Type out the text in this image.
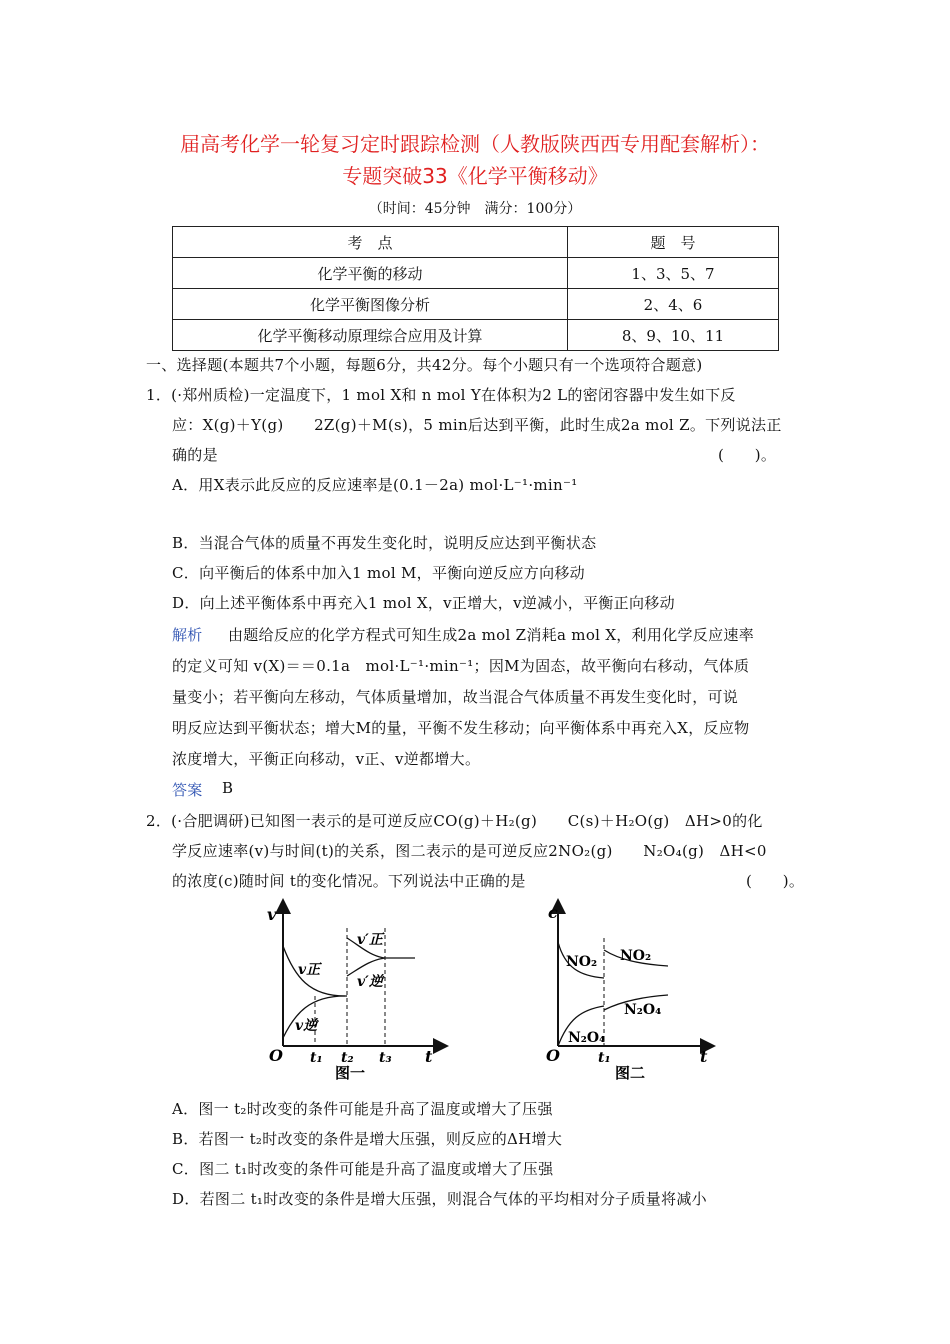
届高考化学一轮复习定时跟踪检测（人教版陕西西专用配套解析）：
专题突破33《化学平衡移动》
（时间：45分钟　满分：100分）
考　点	题　号
化学平衡的移动	1、3、5、7
化学平衡图像分析	2、4、6
化学平衡移动原理综合应用及计算	8、9、10、11
一、选择题(本题共7个小题，每题6分，共42分。每个小题只有一个选项符合题意)
1．(·郑州质检)一定温度下，1 mol X和 n mol Y在体积为2 L的密闭容器中发生如下反
应：X(g)＋Y(g)　　2Z(g)＋M(s)，5 min后达到平衡，此时生成2a mol Z。下列说法正
确的是	(　　)。
A．用X表示此反应的反应速率是(0.1－2a) mol·L⁻¹·min⁻¹
B．当混合气体的质量不再发生变化时，说明反应达到平衡状态
C．向平衡后的体系中加入1 mol M，平衡向逆反应方向移动
D．向上述平衡体系中再充入1 mol X，v正增大，v逆减小，平衡正向移动
解析 由题给反应的化学方程式可知生成2a mol Z消耗a mol X，利用化学反应速率
的定义可知 v(X)＝＝0.1a　mol·L⁻¹·min⁻¹；因M为固态，故平衡向右移动，气体质
量变小；若平衡向左移动，气体质量增加，故当混合气体质量不再发生变化时，可说
明反应达到平衡状态；增大M的量，平衡不发生移动；向平衡体系中再充入X，反应物
浓度增大，平衡正向移动，v正、v逆都增大。
答案 B
2．(·合肥调研)已知图一表示的是可逆反应CO(g)＋H₂(g)　　C(s)＋H₂O(g)　ΔH>0的化
学反应速率(v)与时间(t)的关系，图二表示的是可逆反应2NO₂(g)　　N₂O₄(g)　ΔH<0
的浓度(c)随时间 t的变化情况。下列说法中正确的是	(　　)。
v
O	t
t₁ t₂ t₃
v正
v逆
v′正
v′逆
图一
c
O	t
t₁
NO₂ NO₂
N₂O₄
N₂O₄
图二
A．图一 t₂时改变的条件可能是升高了温度或增大了压强
B．若图一 t₂时改变的条件是增大压强，则反应的ΔH增大
C．图二 t₁时改变的条件可能是升高了温度或增大了压强
D．若图二 t₁时改变的条件是增大压强，则混合气体的平均相对分子质量将减小
